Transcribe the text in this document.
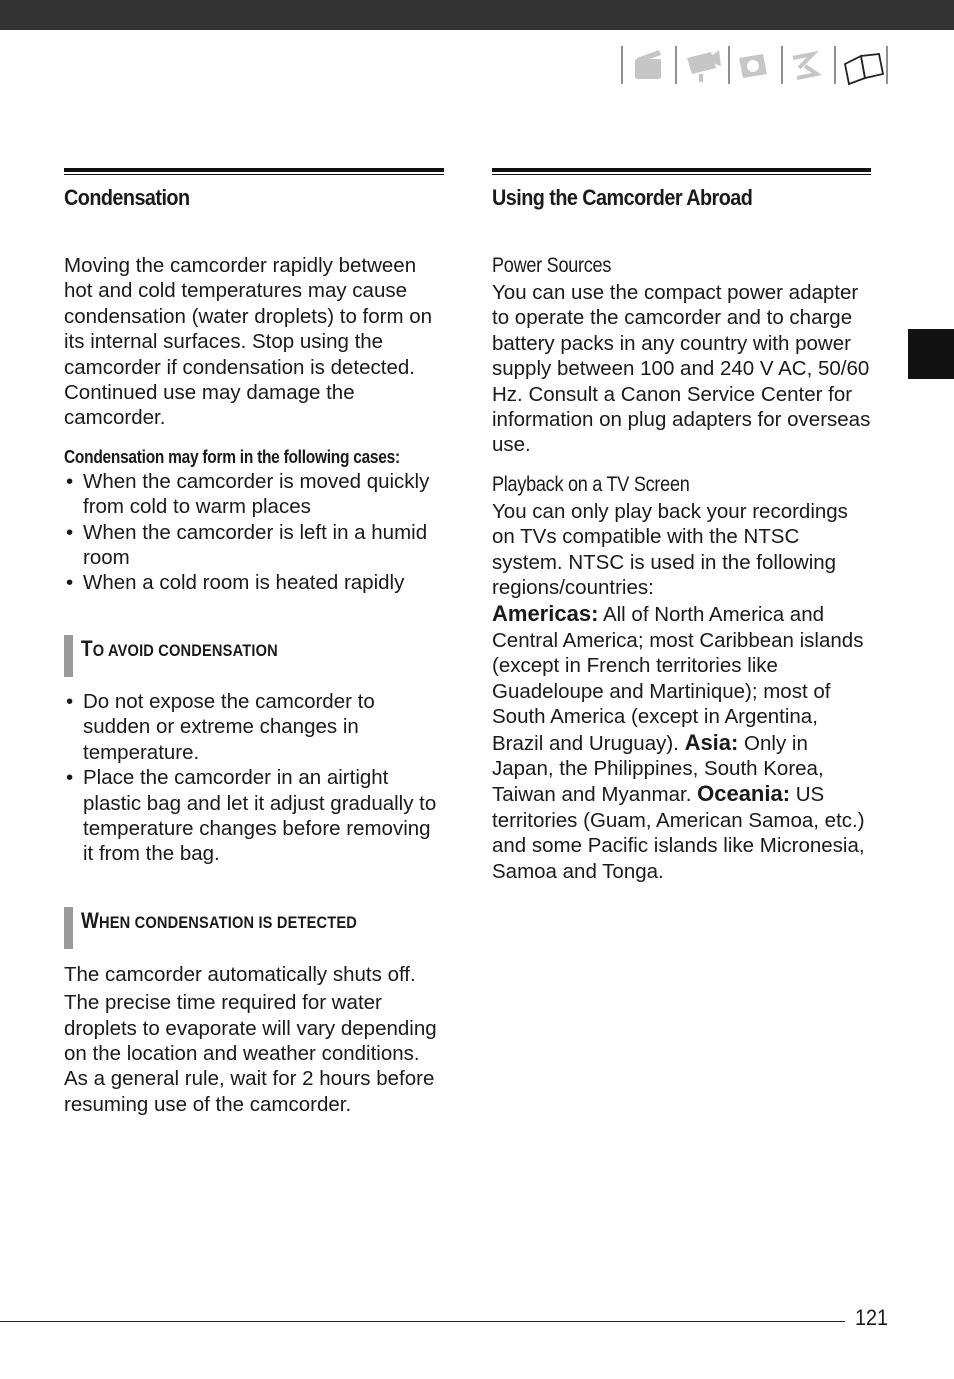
Condensation

Moving the camcorder rapidly between hot and cold temperatures may cause condensation (water droplets) to form on its internal surfaces. Stop using the camcorder if condensation is detected. Continued use may damage the camcorder.

Condensation may form in the following cases:
• When the camcorder is moved quickly from cold to warm places
• When the camcorder is left in a humid room
• When a cold room is heated rapidly
TO AVOID CONDENSATION
• Do not expose the camcorder to sudden or extreme changes in temperature.
• Place the camcorder in an airtight plastic bag and let it adjust gradually to temperature changes before removing it from the bag.
WHEN CONDENSATION IS DETECTED

The camcorder automatically shuts off.

The precise time required for water droplets to evaporate will vary depending on the location and weather conditions. As a general rule, wait for 2 hours before resuming use of the camcorder.

Using the Camcorder Abroad
Power Sources

You can use the compact power adapter to operate the camcorder and to charge battery packs in any country with power supply between 100 and 240 V AC, 50/60 Hz. Consult a Canon Service Center for information on plug adapters for overseas use.

Playback on a TV Screen

You can only play back your recordings on TVs compatible with the NTSC system. NTSC is used in the following regions/countries:

Americas: All of North America and Central America; most Caribbean islands (except in French territories like Guadeloupe and Martinique); most of South America (except in Argentina, Brazil and Uruguay). Asia: Only in Japan, the Philippines, South Korea, Taiwan and Myanmar. Oceania: US territories (Guam, American Samoa, etc.) and some Pacific islands like Micronesia, Samoa and Tonga.

121
